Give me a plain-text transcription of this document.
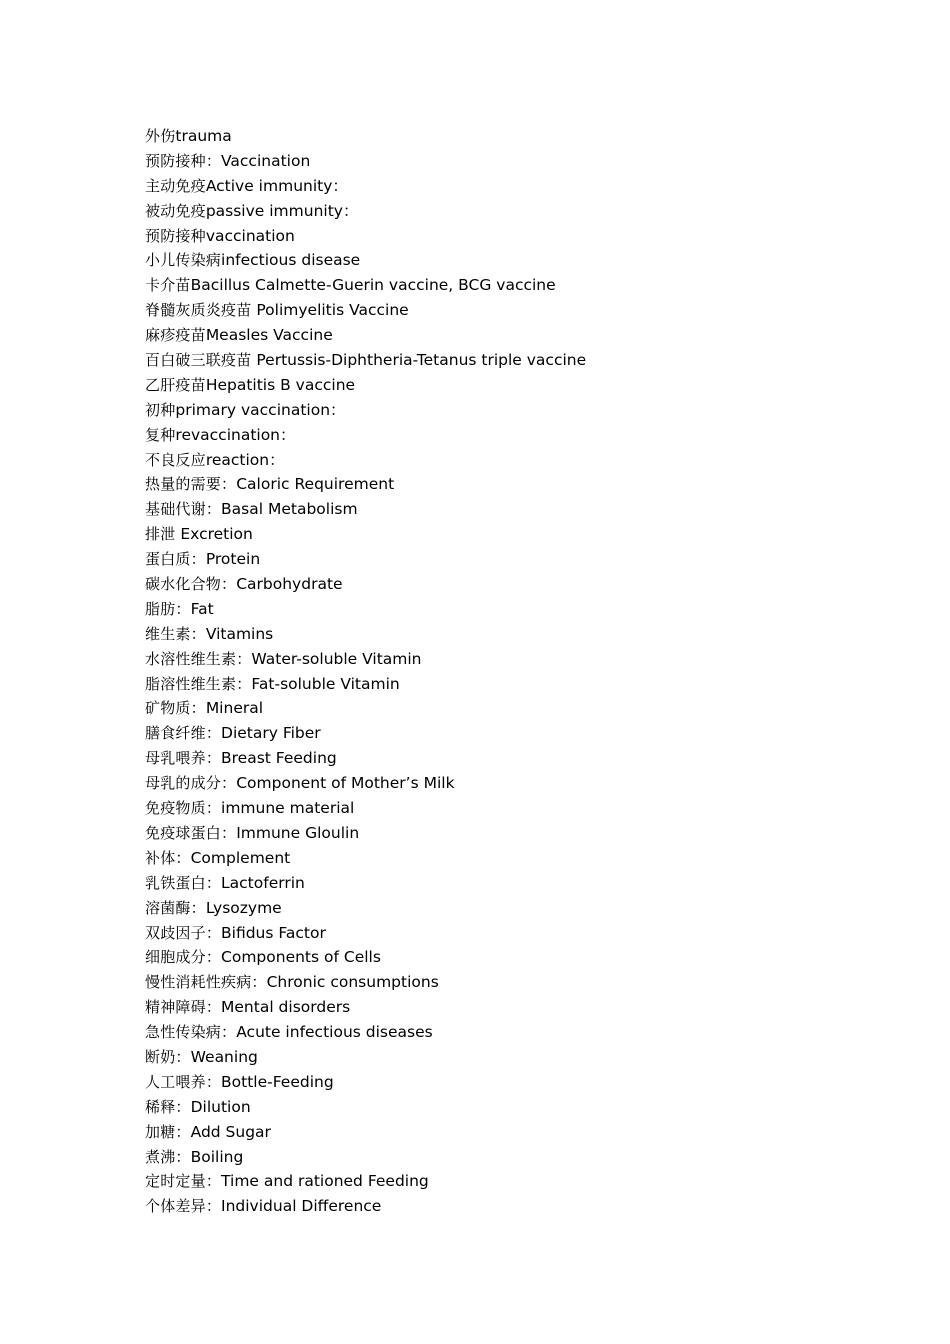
外伤trauma
预防接种：Vaccination
主动免疫Active immunity：
被动免疫passive immunity：
预防接种vaccination
小儿传染病infectious disease
卡介苗Bacillus Calmette-Guerin vaccine, BCG vaccine
脊髓灰质炎疫苗 Polimyelitis Vaccine
麻疹疫苗Measles Vaccine
百白破三联疫苗 Pertussis-Diphtheria-Tetanus triple vaccine
乙肝疫苗Hepatitis B vaccine
初种primary vaccination：
复种revaccination：
不良反应reaction：
热量的需要：Caloric Requirement
基础代谢：Basal Metabolism
排泄 Excretion
蛋白质：Protein
碳水化合物：Carbohydrate
脂肪：Fat
维生素：Vitamins
水溶性维生素：Water-soluble Vitamin
脂溶性维生素：Fat-soluble Vitamin
矿物质：Mineral
膳食纤维：Dietary Fiber
母乳喂养：Breast Feeding
母乳的成分：Component of Mother’s Milk
免疫物质：immune material
免疫球蛋白：Immune Gloulin
补体：Complement
乳铁蛋白：Lactoferrin
溶菌酶：Lysozyme
双歧因子：Bifidus Factor
细胞成分：Components of Cells
慢性消耗性疾病：Chronic consumptions
精神障碍：Mental disorders
急性传染病：Acute infectious diseases
断奶：Weaning
人工喂养：Bottle-Feeding
稀释：Dilution
加糖：Add Sugar
煮沸：Boiling
定时定量：Time and rationed Feeding
个体差异：Individual Difference
